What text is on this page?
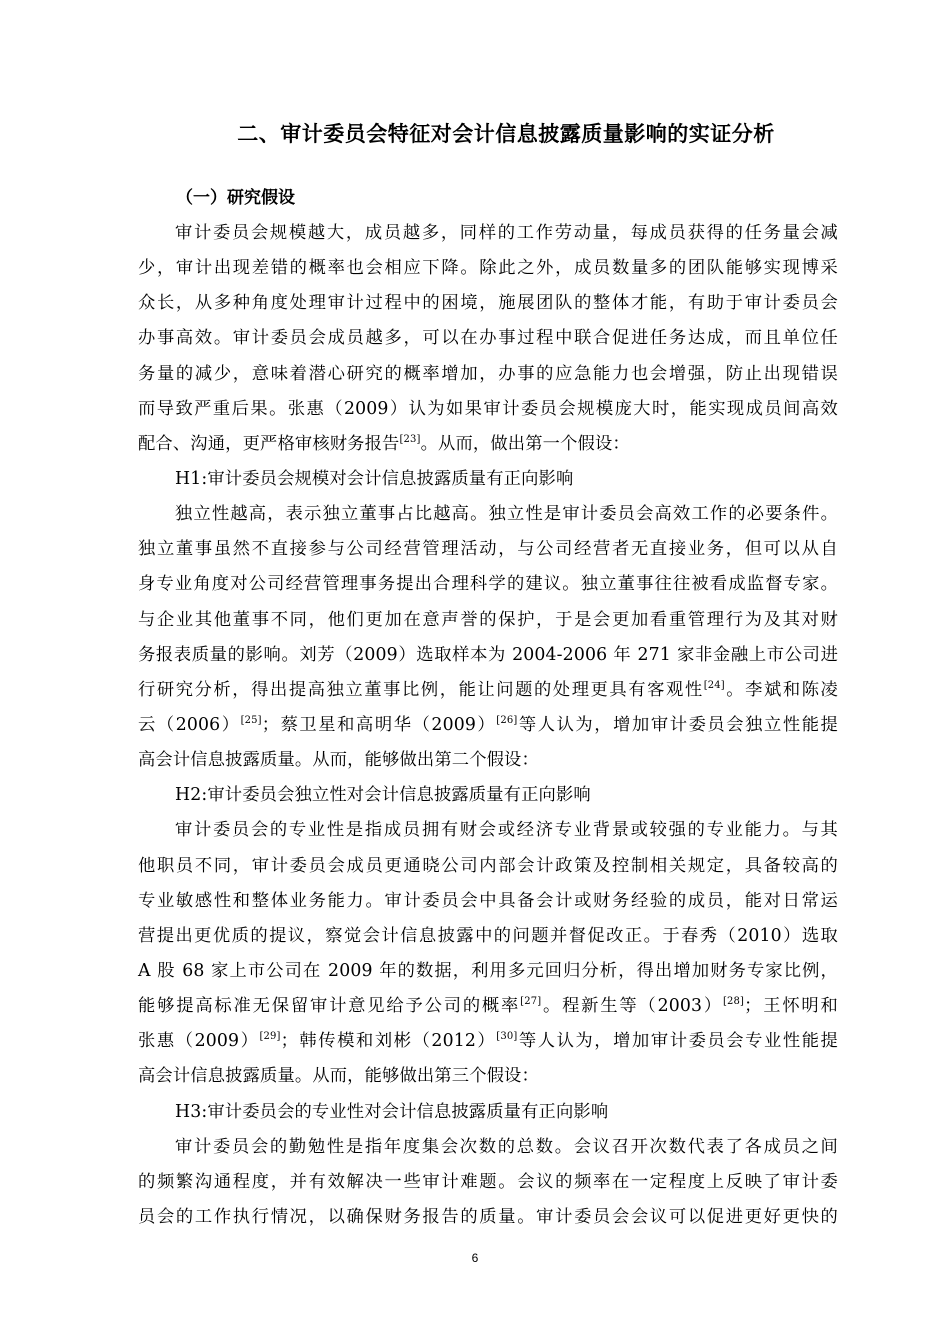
二、审计委员会特征对会计信息披露质量影响的实证分析
（一）研究假设
审计委员会规模越大，成员越多，同样的工作劳动量，每成员获得的任务量会减
少，审计出现差错的概率也会相应下降。除此之外，成员数量多的团队能够实现博采
众长，从多种角度处理审计过程中的困境，施展团队的整体才能，有助于审计委员会
办事高效。审计委员会成员越多，可以在办事过程中联合促进任务达成，而且单位任
务量的减少，意味着潜心研究的概率增加，办事的应急能力也会增强，防止出现错误
而导致严重后果。张惠（2009）认为如果审计委员会规模庞大时，能实现成员间高效
配合、沟通，更严格审核财务报告[23]。从而，做出第一个假设：
H1:审计委员会规模对会计信息披露质量有正向影响
独立性越高，表示独立董事占比越高。独立性是审计委员会高效工作的必要条件。
独立董事虽然不直接参与公司经营管理活动，与公司经营者无直接业务，但可以从自
身专业角度对公司经营管理事务提出合理科学的建议。独立董事往往被看成监督专家。
与企业其他董事不同，他们更加在意声誉的保护，于是会更加看重管理行为及其对财
务报表质量的影响。刘芳（2009）选取样本为 2004-2006 年 271 家非金融上市公司进
行研究分析，得出提高独立董事比例，能让问题的处理更具有客观性[24]。李斌和陈凌
云（2006）[25]；蔡卫星和高明华（2009）[26]等人认为，增加审计委员会独立性能提
高会计信息披露质量。从而，能够做出第二个假设：
H2:审计委员会独立性对会计信息披露质量有正向影响
审计委员会的专业性是指成员拥有财会或经济专业背景或较强的专业能力。与其
他职员不同，审计委员会成员更通晓公司内部会计政策及控制相关规定，具备较高的
专业敏感性和整体业务能力。审计委员会中具备会计或财务经验的成员，能对日常运
营提出更优质的提议，察觉会计信息披露中的问题并督促改正。于春秀（2010）选取
A 股 68 家上市公司在 2009 年的数据，利用多元回归分析，得出增加财务专家比例，
能够提高标准无保留审计意见给予公司的概率[27]。程新生等（2003）[28]；王怀明和
张惠（2009）[29]；韩传模和刘彬（2012）[30]等人认为，增加审计委员会专业性能提
高会计信息披露质量。从而，能够做出第三个假设：
H3:审计委员会的专业性对会计信息披露质量有正向影响
审计委员会的勤勉性是指年度集会次数的总数。会议召开次数代表了各成员之间
的频繁沟通程度，并有效解决一些审计难题。会议的频率在一定程度上反映了审计委
员会的工作执行情况，以确保财务报告的质量。审计委员会会议可以促进更好更快的
6
